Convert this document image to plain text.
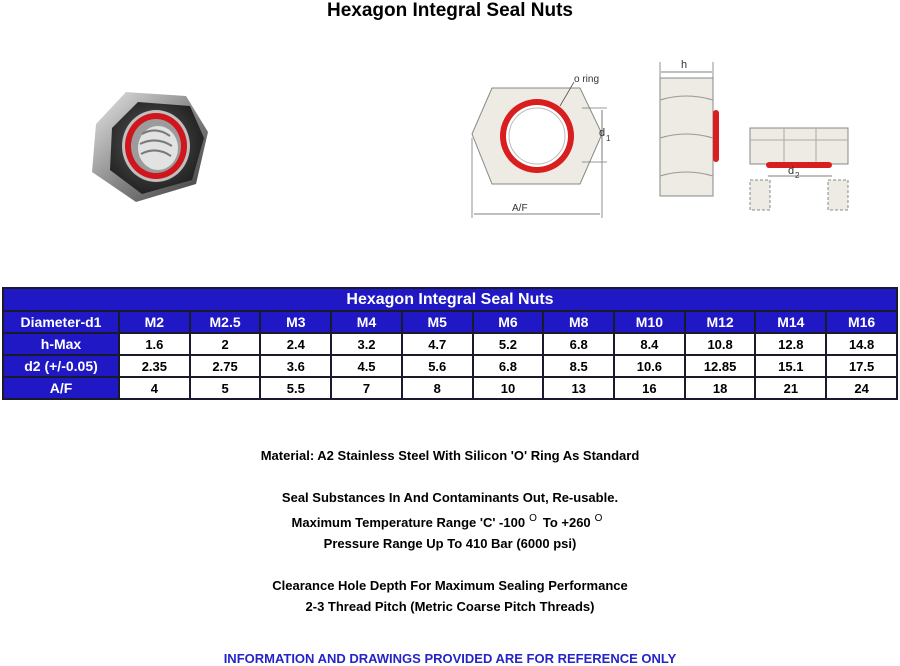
Hexagon Integral Seal Nuts
o ring
d 1
A/F
h
d 2
Hexagon Integral Seal Nuts											
Diameter-d1	M2	M2.5	M3	M4	M5	M6	M8	M10	M12	M14	M16
h-Max	1.6	2	2.4	3.2	4.7	5.2	6.8	8.4	10.8	12.8	14.8
d2 (+/-0.05)	2.35	2.75	3.6	4.5	5.6	6.8	8.5	10.6	12.85	15.1	17.5
A/F	4	5	5.5	7	8	10	13	16	18	21	24

Material: A2 Stainless Steel With Silicon 'O' Ring As Standard

Seal Substances In And Contaminants Out, Re-usable.

Maximum Temperature Range 'C' -100 $^O$ To +260 $^O$

Pressure Range Up To 410 Bar (6000 psi)

Clearance Hole Depth For Maximum Sealing Performance

2-3 Thread Pitch (Metric Coarse Pitch Threads)

INFORMATION AND DRAWINGS PROVIDED ARE FOR REFERENCE ONLY
